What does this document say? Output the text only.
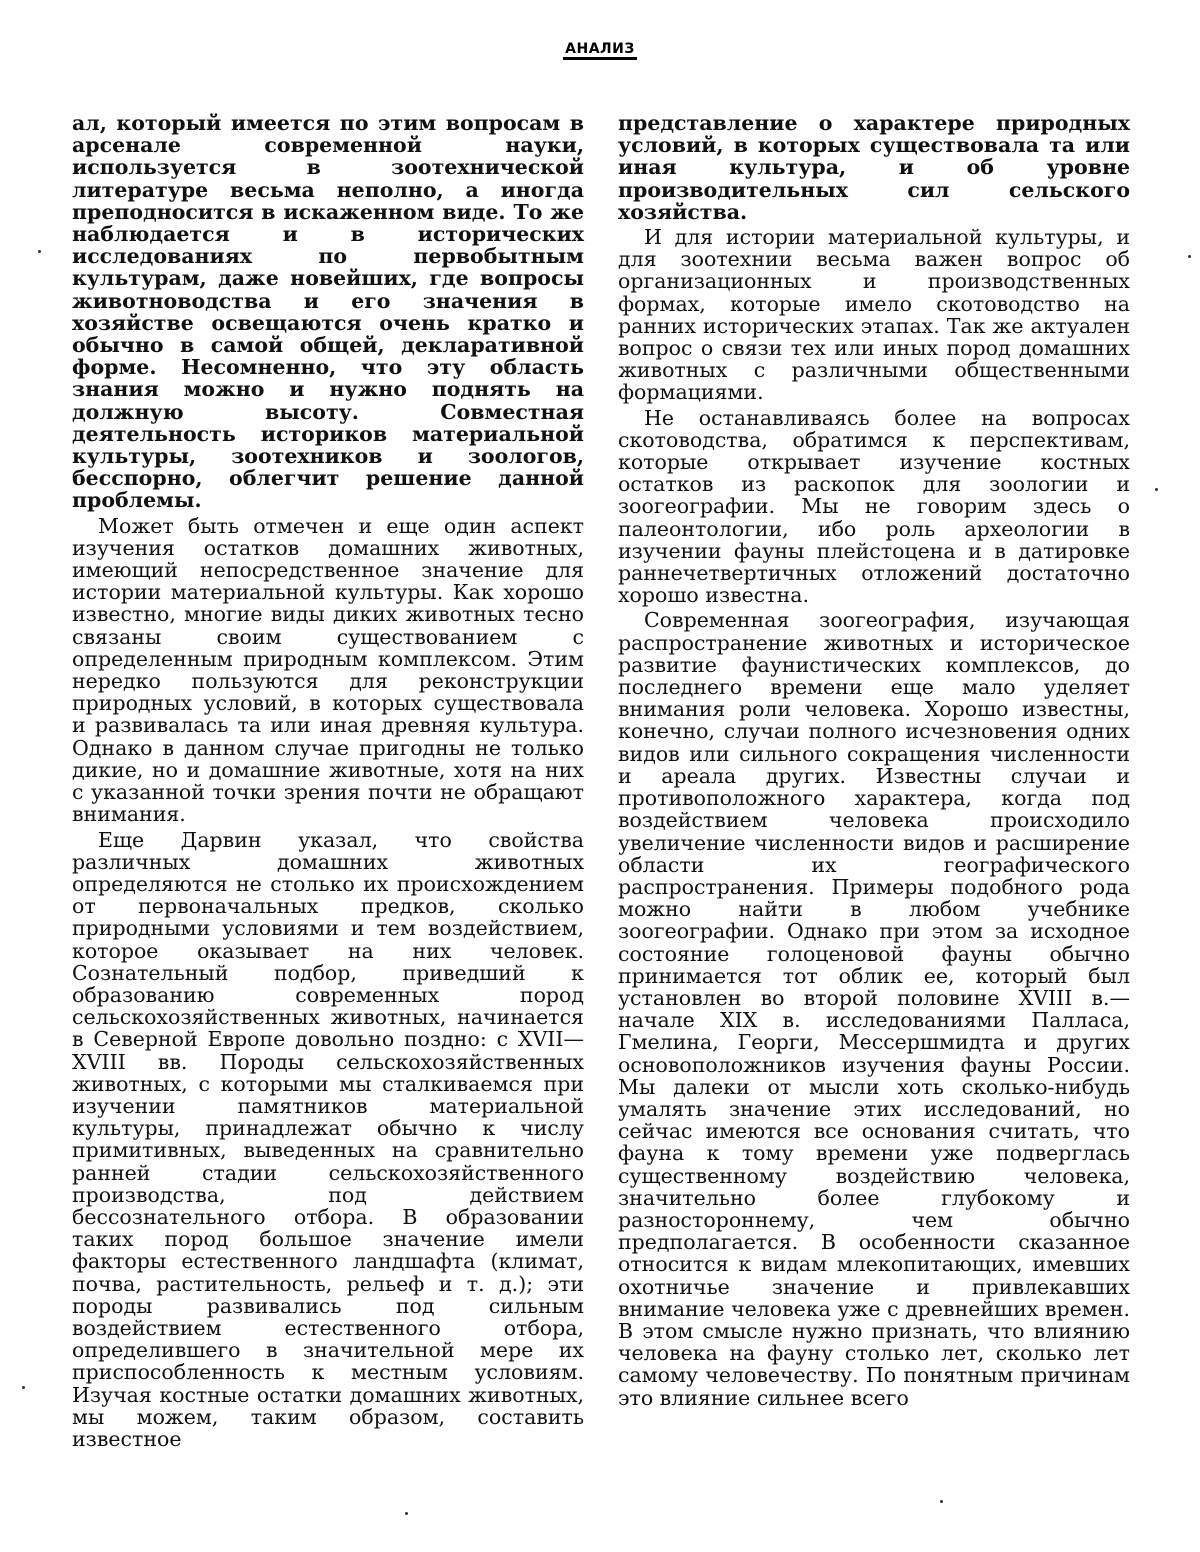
АНАЛИЗ

ал, который имеется по этим вопросам в арсенале современной науки, используется в зоотехнической литературе весьма неполно, а иногда преподносится в искаженном виде. То же наблюдается и в исторических исследованиях по первобытным культурам, даже новейших, где вопросы животноводства и его значения в хозяйстве освещаются очень кратко и обычно в самой общей, декларативной форме. Несомненно, что эту область знания можно и нужно поднять на должную высоту. Совместная деятельность историков материальной культуры, зоотехников и зоологов, бесспорно, облегчит решение данной проблемы.

Может быть отмечен и еще один аспект изучения остатков домашних животных, имеющий непосредственное значение для истории материальной культуры. Как хорошо известно, многие виды диких животных тесно связаны своим существованием с определенным природным комплексом. Этим нередко пользуются для реконструкции природных условий, в которых существовала и развивалась та или иная древняя культура. Однако в данном случае пригодны не только дикие, но и домашние животные, хотя на них с указанной точки зрения почти не обращают внимания.

Еще Дарвин указал, что свойства различных домашних животных определяются не столько их происхождением от первоначальных предков, сколько природными условиями и тем воздействием, которое оказывает на них человек. Сознательный подбор, приведший к образованию современных пород сельскохозяйственных животных, начинается в Северной Европе довольно поздно: с XVII—XVIII вв. Породы сельскохозяйственных животных, с которыми мы сталкиваемся при изучении памятников материальной культуры, принадлежат обычно к числу примитивных, выведенных на сравнительно ранней стадии сельскохозяйственного производства, под действием бессознательного отбора. В образовании таких пород большое значение имели факторы естественного ландшафта (климат, почва, растительность, рельеф и т. д.); эти породы развивались под сильным воздействием естественного отбора, определившего в значительной мере их приспособленность к местным условиям. Изучая костные остатки домашних животных, мы можем, таким образом, составить известное

представление о характере природных условий, в которых существовала та или иная культура, и об уровне производительных сил сельского хозяйства.

И для истории материальной культуры, и для зоотехнии весьма важен вопрос об организационных и производственных формах, которые имело скотоводство на ранних исторических этапах. Так же актуален вопрос о связи тех или иных пород домашних животных с различными общественными формациями.

Не останавливаясь более на вопросах скотоводства, обратимся к перспективам, которые открывает изучение костных остатков из раскопок для зоологии и зоогеографии. Мы не говорим здесь о палеонтологии, ибо роль археологии в изучении фауны плейстоцена и в датировке раннечетвертичных отложений достаточно хорошо известна.

Современная зоогеография, изучающая распространение животных и историческое развитие фаунистических комплексов, до последнего времени еще мало уделяет внимания роли человека. Хорошо известны, конечно, случаи полного исчезновения одних видов или сильного сокращения численности и ареала других. Известны случаи и противоположного характера, когда под воздействием человека происходило увеличение численности видов и расширение области их географического распространения. Примеры подобного рода можно найти в любом учебнике зоогеографии. Однако при этом за исходное состояние голоценовой фауны обычно принимается тот облик ее, который был установлен во второй половине XVIII в.— начале XIX в. исследованиями Палласа, Гмелина, Георги, Мессершмидта и других основоположников изучения фауны России. Мы далеки от мысли хоть сколько-нибудь умалять значение этих исследований, но сейчас имеются все основания считать, что фауна к тому времени уже подверглась существенному воздействию человека, значительно более глубокому и разностороннему, чем обычно предполагается. В особенности сказанное относится к видам млекопитающих, имевших охотничье значение и привлекавших внимание человека уже с древнейших времен. В этом смысле нужно признать, что влиянию человека на фауну столько лет, сколько лет самому человечеству. По понятным причинам это влияние сильнее всего
